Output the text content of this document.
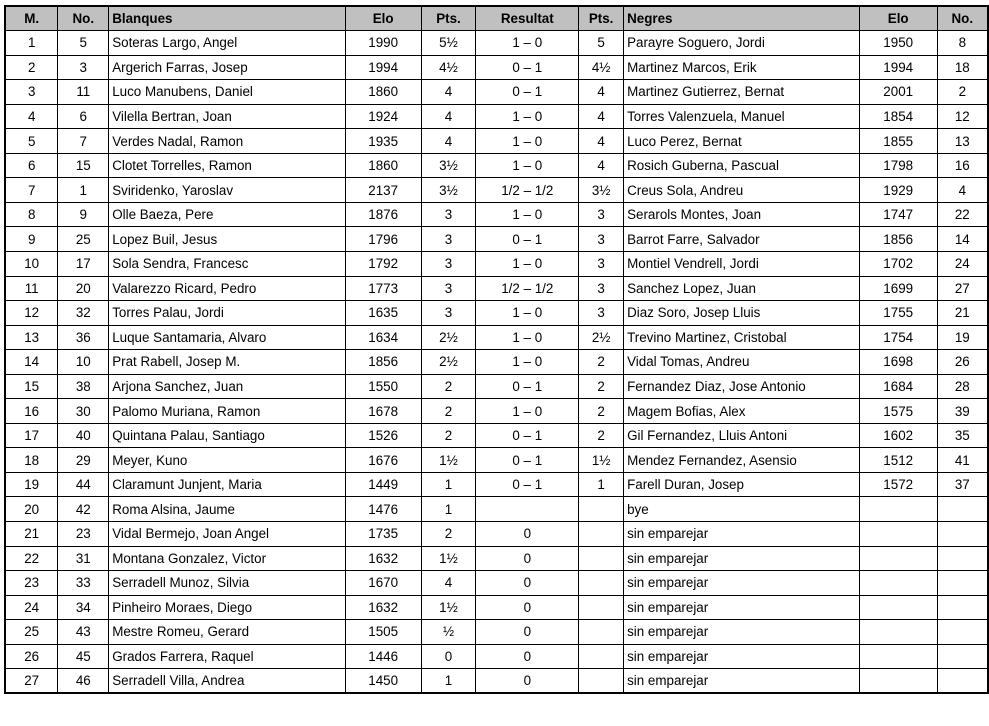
M.	No.	Blanques	Elo	Pts.	Resultat	Pts.	Negres	Elo	No.
1	5	Soteras Largo, Angel	1990	5½	1 – 0	5	Parayre Soguero, Jordi	1950	8
2	3	Argerich Farras, Josep	1994	4½	0 – 1	4½	Martinez Marcos, Erik	1994	18
3	11	Luco Manubens, Daniel	1860	4	0 – 1	4	Martinez Gutierrez, Bernat	2001	2
4	6	Vilella Bertran, Joan	1924	4	1 – 0	4	Torres Valenzuela, Manuel	1854	12
5	7	Verdes Nadal, Ramon	1935	4	1 – 0	4	Luco Perez, Bernat	1855	13
6	15	Clotet Torrelles, Ramon	1860	3½	1 – 0	4	Rosich Guberna, Pascual	1798	16
7	1	Sviridenko, Yaroslav	2137	3½	1/2 – 1/2	3½	Creus Sola, Andreu	1929	4
8	9	Olle Baeza, Pere	1876	3	1 – 0	3	Serarols Montes, Joan	1747	22
9	25	Lopez Buil, Jesus	1796	3	0 – 1	3	Barrot Farre, Salvador	1856	14
10	17	Sola Sendra, Francesc	1792	3	1 – 0	3	Montiel Vendrell, Jordi	1702	24
11	20	Valarezzo Ricard, Pedro	1773	3	1/2 – 1/2	3	Sanchez Lopez, Juan	1699	27
12	32	Torres Palau, Jordi	1635	3	1 – 0	3	Diaz Soro, Josep Lluis	1755	21
13	36	Luque Santamaria, Alvaro	1634	2½	1 – 0	2½	Trevino Martinez, Cristobal	1754	19
14	10	Prat Rabell, Josep M.	1856	2½	1 – 0	2	Vidal Tomas, Andreu	1698	26
15	38	Arjona Sanchez, Juan	1550	2	0 – 1	2	Fernandez Diaz, Jose Antonio	1684	28
16	30	Palomo Muriana, Ramon	1678	2	1 – 0	2	Magem Bofias, Alex	1575	39
17	40	Quintana Palau, Santiago	1526	2	0 – 1	2	Gil Fernandez, Lluis Antoni	1602	35
18	29	Meyer, Kuno	1676	1½	0 – 1	1½	Mendez Fernandez, Asensio	1512	41
19	44	Claramunt Junjent, Maria	1449	1	0 – 1	1	Farell Duran, Josep	1572	37
20	42	Roma Alsina, Jaume	1476	1			bye		
21	23	Vidal Bermejo, Joan Angel	1735	2	0		sin emparejar		
22	31	Montana Gonzalez, Victor	1632	1½	0		sin emparejar		
23	33	Serradell Munoz, Silvia	1670	4	0		sin emparejar		
24	34	Pinheiro Moraes, Diego	1632	1½	0		sin emparejar		
25	43	Mestre Romeu, Gerard	1505	½	0		sin emparejar		
26	45	Grados Farrera, Raquel	1446	0	0		sin emparejar		
27	46	Serradell Villa, Andrea	1450	1	0		sin emparejar		
